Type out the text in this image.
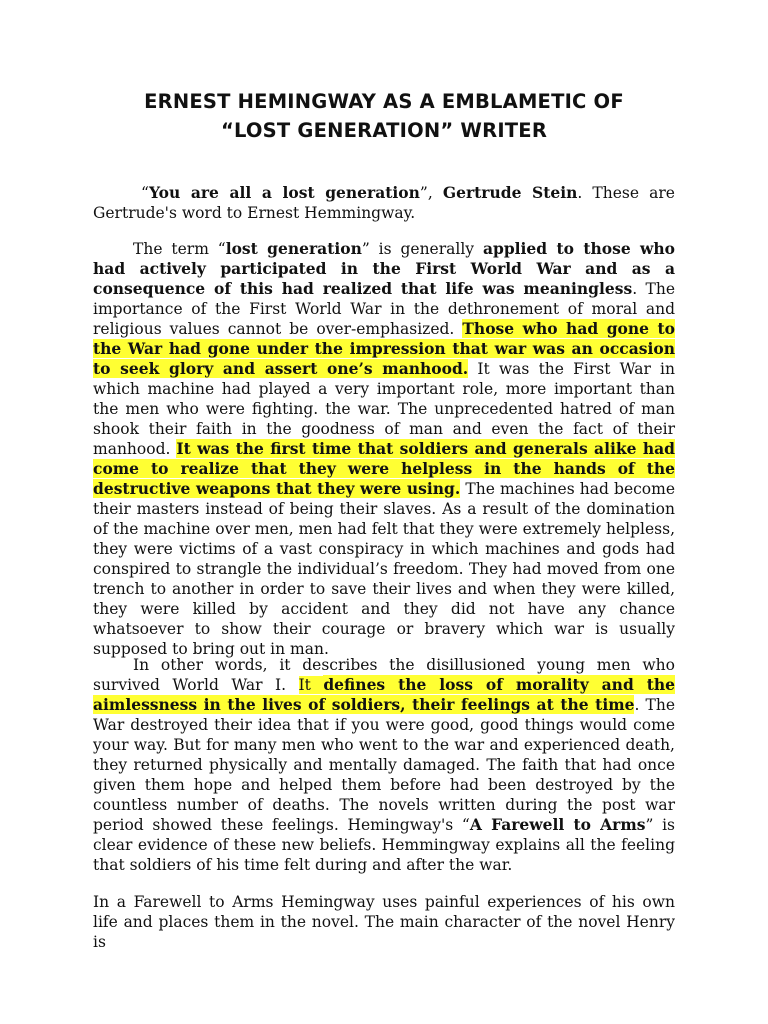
ERNEST HEMINGWAY AS A EMBLAMETIC OF
“LOST GENERATION” WRITER

“You are all a lost generation”, Gertrude Stein. These are Gertrude's word to Ernest Hemmingway.

The term “lost generation” is generally applied to those who had actively participated in the First World War and as a consequence of this had realized that life was meaningless. The importance of the First World War in the dethronement of moral and religious values cannot be over-emphasized. Those who had gone to the War had gone under the impression that war was an occasion to seek glory and assert one’s manhood. It was the First War in which machine had played a very important role, more important than the men who were fighting. the war. The unprecedented hatred of man shook their faith in the goodness of man and even the fact of their manhood. It was the first time that soldiers and generals alike had come to realize that they were helpless in the hands of the destructive weapons that they were using. The machines had become their masters instead of being their slaves. As a result of the domination of the machine over men, men had felt that they were extremely helpless, they were victims of a vast conspiracy in which machines and gods had conspired to strangle the individual’s freedom. They had moved from one trench to another in order to save their lives and when they were killed, they were killed by accident and they did not have any chance whatsoever to show their courage or bravery which war is usually supposed to bring out in man.

In other words, it describes the disillusioned young men who survived World War I. It defines the loss of morality and the aimlessness in the lives of soldiers, their feelings at the time. The War destroyed their idea that if you were good, good things would come your way. But for many men who went to the war and experienced death, they returned physically and mentally damaged. The faith that had once given them hope and helped them before had been destroyed by the countless number of deaths. The novels written during the post war period showed these feelings. Hemingway's “A Farewell to Arms” is clear evidence of these new beliefs. Hemmingway explains all the feeling that soldiers of his time felt during and after the war.

In a Farewell to Arms Hemingway uses painful experiences of his own life and places them in the novel. The main character of the novel Henry is
